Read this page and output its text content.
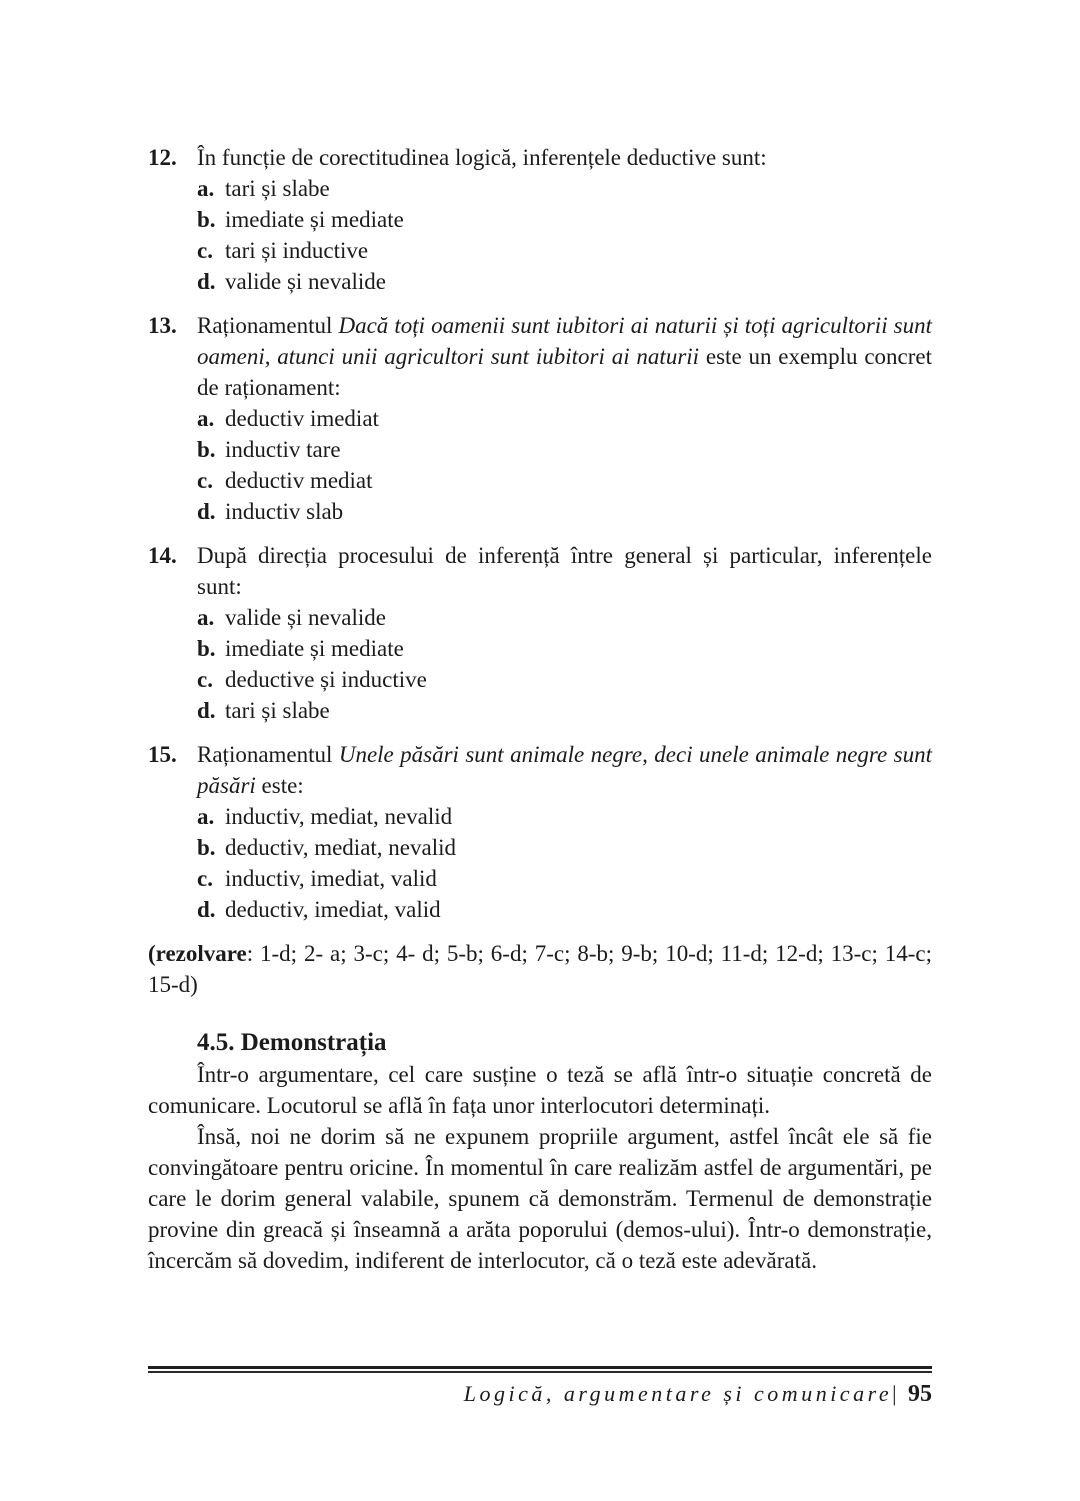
12. În funcție de corectitudinea logică, inferențele deductive sunt:
a. tari și slabe
b. imediate și mediate
c. tari și inductive
d. valide și nevalide
13. Raționamentul Dacă toți oamenii sunt iubitori ai naturii și toți agricultorii sunt oameni, atunci unii agricultori sunt iubitori ai naturii este un exemplu concret de raționament:
a. deductiv imediat
b. inductiv tare
c. deductiv mediat
d. inductiv slab
14. După direcția procesului de inferență între general și particular, inferențele sunt:
a. valide și nevalide
b. imediate și mediate
c. deductive și inductive
d. tari și slabe
15. Raționamentul Unele păsări sunt animale negre, deci unele animale negre sunt păsări este:
a. inductiv, mediat, nevalid
b. deductiv, mediat, nevalid
c. inductiv, imediat, valid
d. deductiv, imediat, valid
(rezolvare: 1-d; 2- a; 3-c; 4- d; 5-b; 6-d; 7-c; 8-b; 9-b; 10-d; 11-d; 12-d; 13-c; 14-c; 15-d)
4.5. Demonstrația

Într-o argumentare, cel care susține o teză se află într-o situație concretă de comunicare. Locutorul se află în fața unor interlocutori determinați.

Însă, noi ne dorim să ne expunem propriile argument, astfel încât ele să fie convingătoare pentru oricine. În momentul în care realizăm astfel de argumentări, pe care le dorim general valabile, spunem că demonstrăm. Termenul de demonstrație provine din greacă și înseamnă a arăta poporului (demos-ului). Într-o demonstrație, încercăm să dovedim, indiferent de interlocutor, că o teză este adevărată.

Logică, argumentare și comunicare| 95
